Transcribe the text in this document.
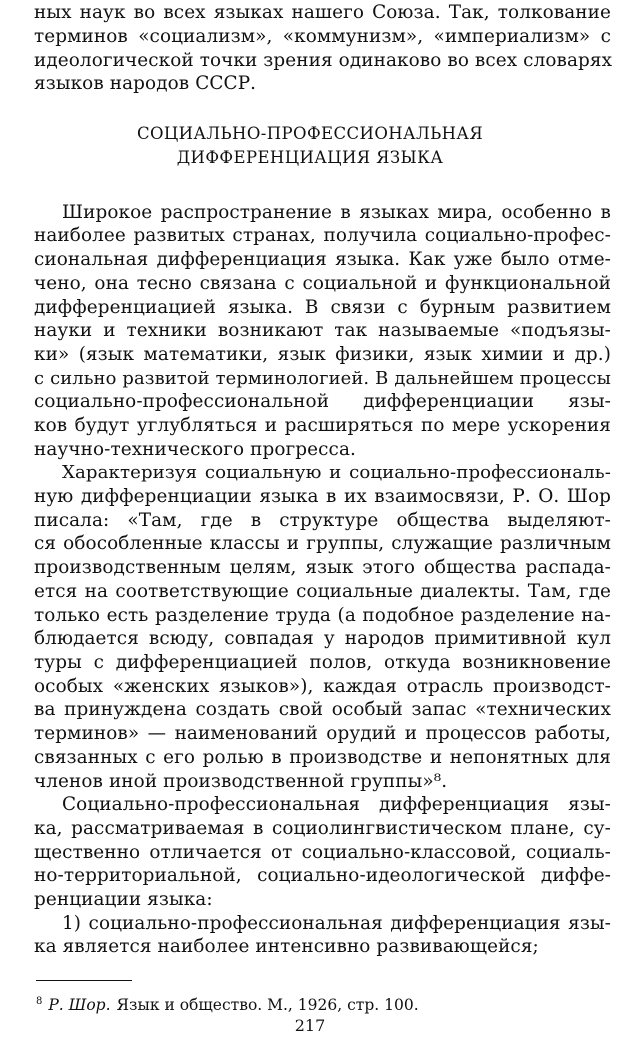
ных наук во всех языках нашего Союза. Так, толкование
терминов «социализм», «коммунизм», «империализм» с
идеологической точки зрения одинаково во всех словарях
языков народов СССР.
СОЦИАЛЬНО-ПРОФЕССИОНАЛЬНАЯ
ДИФФЕРЕНЦИАЦИЯ ЯЗЫКА
Широкое распространение в языках мира, особенно в
наиболее развитых странах, получила социально-профес-
сиональная дифференциация языка. Как уже было отме-
чено, она тесно связана с социальной и функциональной
дифференциацией языка. В связи с бурным развитием
науки и техники возникают так называемые «подъязы-
ки» (язык математики, язык физики, язык химии и др.)
с сильно развитой терминологией. В дальнейшем процессы
социально-профессиональной дифференциации язы-
ков будут углубляться и расширяться по мере ускорения
научно-технического прогресса.
Характеризуя социальную и социально-профессиональ-
ную дифференциации языка в их взаимосвязи, Р. О. Шор
писала: «Там, где в структуре общества выделяют-
ся обособленные классы и группы, служащие различным
производственным целям, язык этого общества распада-
ется на соответствующие социальные диалекты. Там, где
только есть разделение труда (а подобное разделение на-
блюдается всюду, совпадая у народов примитивной кул
туры с дифференциацией полов, откуда возникновение
особых «женских языков»), каждая отрасль производст-
ва принуждена создать свой особый запас «технических
терминов» — наименований орудий и процессов работы,
связанных с его ролью в производстве и непонятных для
членов иной производственной группы»⁸.
Социально-профессиональная дифференциация язы-
ка, рассматриваемая в социолингвистическом плане, су-
щественно отличается от социально-классовой, социаль-
но-территориальной, социально-идеологической диффе-
ренциации языка:
1) социально-профессиональная дифференциация язы-
ка является наиболее интенсивно развивающейся;
$^8$ Р. Шор. Язык и общество. М., 1926, стр. 100.
217
